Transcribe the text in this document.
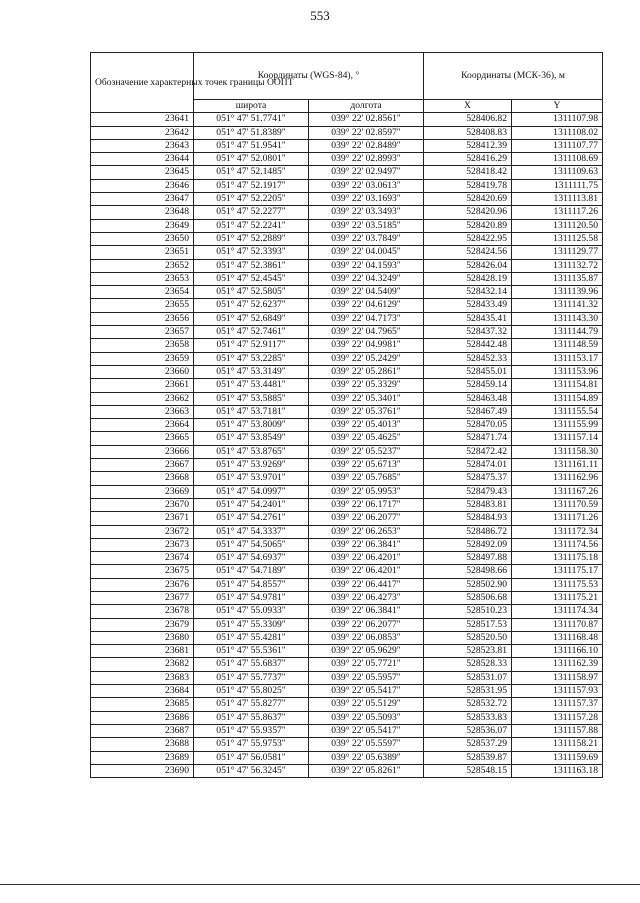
553
Обозначение характерных точек границы ООПТ	Координаты (WGS-84), °		Координаты (МСК-36), м	
	широта	долгота	X	Y
23641	051° 47' 51.7741"	039° 22' 02.8561"	528406.82	1311107.98
23642	051° 47' 51.8389"	039° 22' 02.8597"	528408.83	1311108.02
23643	051° 47' 51.9541"	039° 22' 02.8489"	528412.39	1311107.77
23644	051° 47' 52.0801"	039° 22' 02.8993"	528416.29	1311108.69
23645	051° 47' 52.1485"	039° 22' 02.9497"	528418.42	1311109.63
23646	051° 47' 52.1917"	039° 22' 03.0613"	528419.78	1311111.75
23647	051° 47' 52.2205"	039° 22' 03.1693"	528420.69	1311113.81
23648	051° 47' 52.2277"	039° 22' 03.3493"	528420.96	1311117.26
23649	051° 47' 52.2241"	039° 22' 03.5185"	528420.89	1311120.50
23650	051° 47' 52.2889"	039° 22' 03.7849"	528422.95	1311125.58
23651	051° 47' 52.3393"	039° 22' 04.0045"	528424.56	1311129.77
23652	051° 47' 52.3861"	039° 22' 04.1593"	528426.04	1311132.72
23653	051° 47' 52.4545"	039° 22' 04.3249"	528428.19	1311135.87
23654	051° 47' 52.5805"	039° 22' 04.5409"	528432.14	1311139.96
23655	051° 47' 52.6237"	039° 22' 04.6129"	528433.49	1311141.32
23656	051° 47' 52.6849"	039° 22' 04.7173"	528435.41	1311143.30
23657	051° 47' 52.7461"	039° 22' 04.7965"	528437.32	1311144.79
23658	051° 47' 52.9117"	039° 22' 04.9981"	528442.48	1311148.59
23659	051° 47' 53.2285"	039° 22' 05.2429"	528452.33	1311153.17
23660	051° 47' 53.3149"	039° 22' 05.2861"	528455.01	1311153.96
23661	051° 47' 53.4481"	039° 22' 05.3329"	528459.14	1311154.81
23662	051° 47' 53.5885"	039° 22' 05.3401"	528463.48	1311154.89
23663	051° 47' 53.7181"	039° 22' 05.3761"	528467.49	1311155.54
23664	051° 47' 53.8009"	039° 22' 05.4013"	528470.05	1311155.99
23665	051° 47' 53.8549"	039° 22' 05.4625"	528471.74	1311157.14
23666	051° 47' 53.8765"	039° 22' 05.5237"	528472.42	1311158.30
23667	051° 47' 53.9269"	039° 22' 05.6713"	528474.01	1311161.11
23668	051° 47' 53.9701"	039° 22' 05.7685"	528475.37	1311162.96
23669	051° 47' 54.0997"	039° 22' 05.9953"	528479.43	1311167.26
23670	051° 47' 54.2401"	039° 22' 06.1717"	528483.81	1311170.59
23671	051° 47' 54.2761"	039° 22' 06.2077"	528484.93	1311171.26
23672	051° 47' 54.3337"	039° 22' 06.2653"	528486.72	1311172.34
23673	051° 47' 54.5065"	039° 22' 06.3841"	528492.09	1311174.56
23674	051° 47' 54.6937"	039° 22' 06.4201"	528497.88	1311175.18
23675	051° 47' 54.7189"	039° 22' 06.4201"	528498.66	1311175.17
23676	051° 47' 54.8557"	039° 22' 06.4417"	528502.90	1311175.53
23677	051° 47' 54.9781"	039° 22' 06.4273"	528506.68	1311175.21
23678	051° 47' 55.0933"	039° 22' 06.3841"	528510.23	1311174.34
23679	051° 47' 55.3309"	039° 22' 06.2077"	528517.53	1311170.87
23680	051° 47' 55.4281"	039° 22' 06.0853"	528520.50	1311168.48
23681	051° 47' 55.5361"	039° 22' 05.9629"	528523.81	1311166.10
23682	051° 47' 55.6837"	039° 22' 05.7721"	528528.33	1311162.39
23683	051° 47' 55.7737"	039° 22' 05.5957"	528531.07	1311158.97
23684	051° 47' 55.8025"	039° 22' 05.5417"	528531.95	1311157.93
23685	051° 47' 55.8277"	039° 22' 05.5129"	528532.72	1311157.37
23686	051° 47' 55.8637"	039° 22' 05.5093"	528533.83	1311157.28
23687	051° 47' 55.9357"	039° 22' 05.5417"	528536.07	1311157.88
23688	051° 47' 55.9753"	039° 22' 05.5597"	528537.29	1311158.21
23689	051° 47' 56.0581"	039° 22' 05.6389"	528539.87	1311159.69
23690	051° 47' 56.3245"	039° 22' 05.8261"	528548.15	1311163.18
